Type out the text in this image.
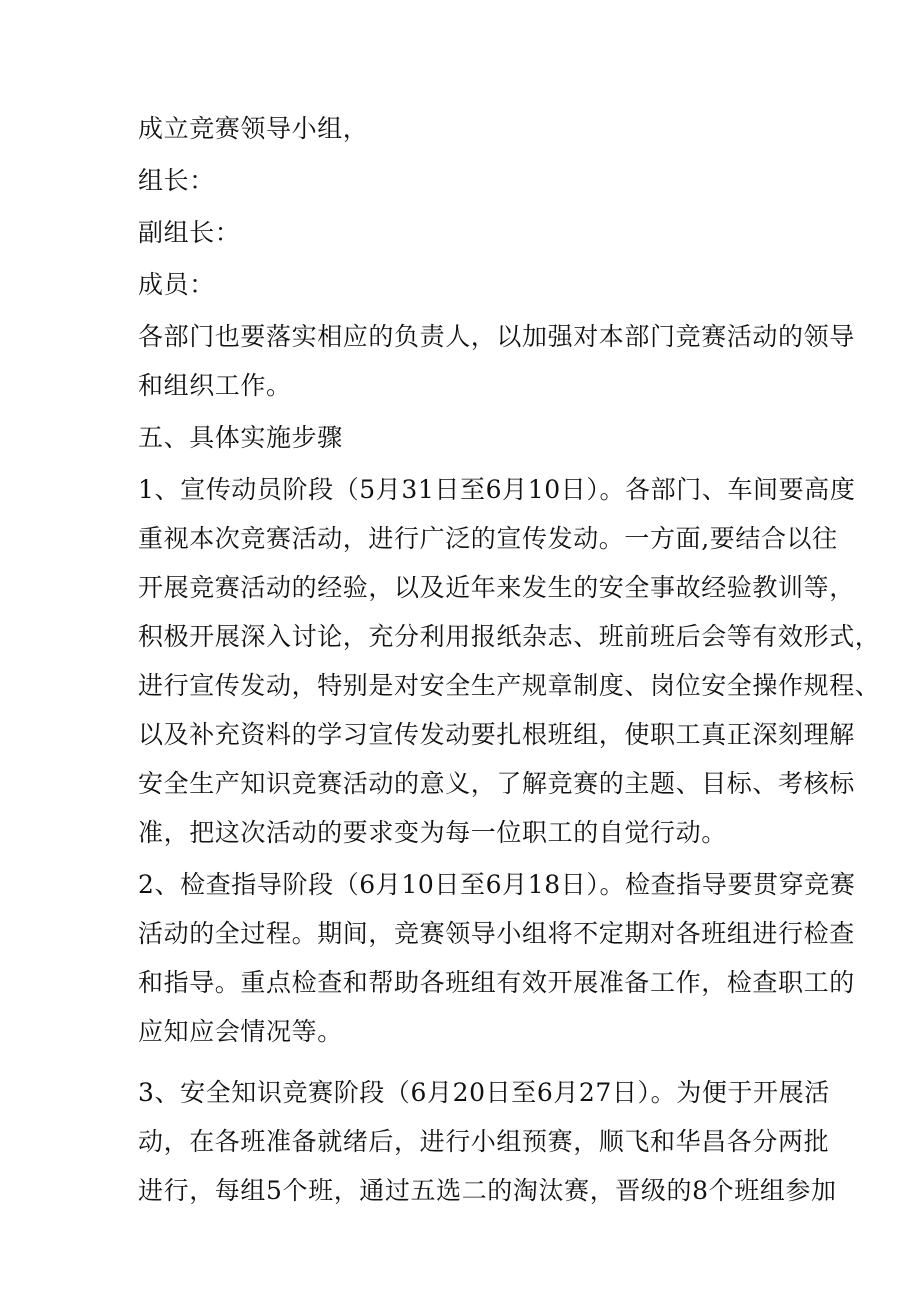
成立竞赛领导小组，
组长：
副组长：
成员：
各部门也要落实相应的负责人，以加强对本部门竞赛活动的领导
和组织工作。
五、具体实施步骤
1、宣传动员阶段（5月31日至6月10日）。各部门、车间要高度
重视本次竞赛活动，进行广泛的宣传发动。一方面,要结合以往
开展竞赛活动的经验，以及近年来发生的安全事故经验教训等，
积极开展深入讨论，充分利用报纸杂志、班前班后会等有效形式，
进行宣传发动，特别是对安全生产规章制度、岗位安全操作规程、
以及补充资料的学习宣传发动要扎根班组，使职工真正深刻理解
安全生产知识竞赛活动的意义，了解竞赛的主题、目标、考核标
准，把这次活动的要求变为每一位职工的自觉行动。
2、检查指导阶段（6月10日至6月18日）。检查指导要贯穿竞赛
活动的全过程。期间，竞赛领导小组将不定期对各班组进行检查
和指导。重点检查和帮助各班组有效开展准备工作，检查职工的
应知应会情况等。
3、安全知识竞赛阶段（6月20日至6月27日）。为便于开展活
动，在各班准备就绪后，进行小组预赛，顺飞和华昌各分两批
进行，每组5个班，通过五选二的淘汰赛，晋级的8个班组参加
